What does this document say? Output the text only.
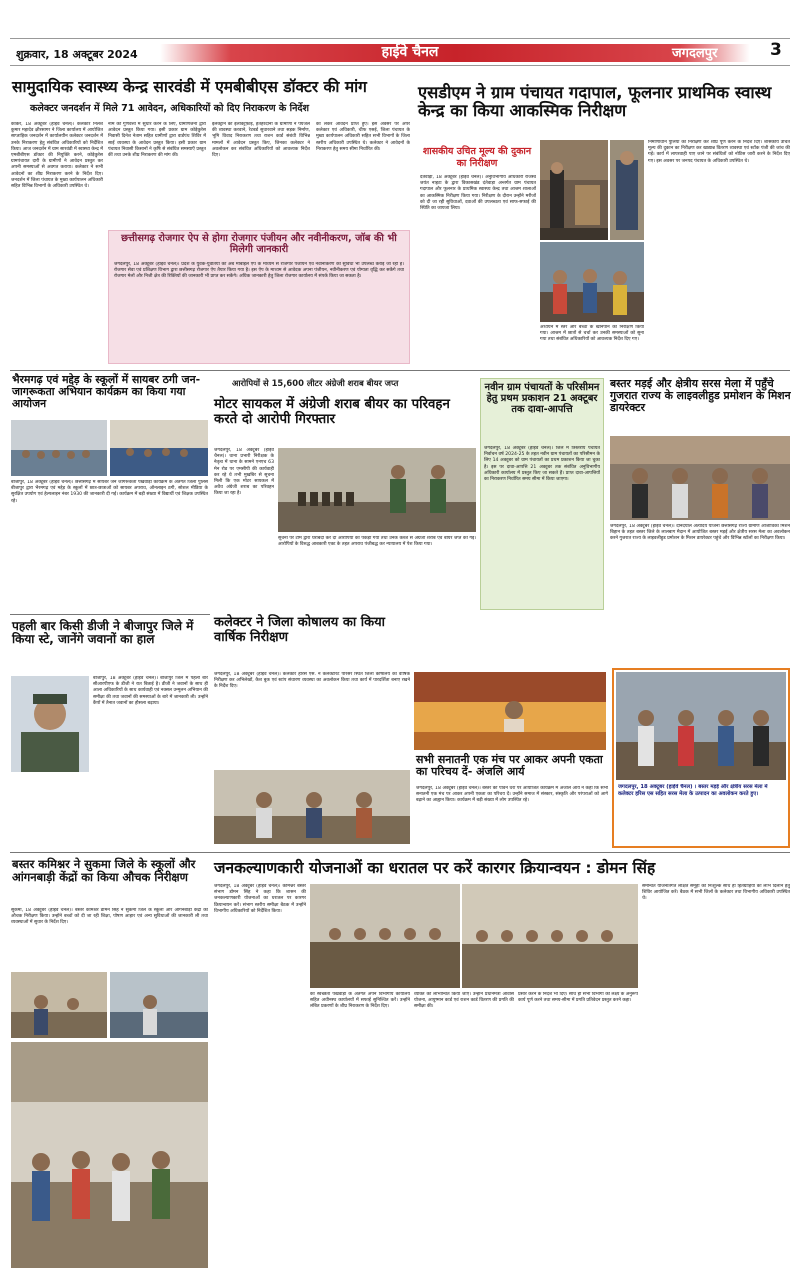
शुक्रवार, 18 अक्टूबर 2024	हाईवे चैनल	जगदलपुर	3
सामुदायिक स्वास्थ्य केन्द्र सारवंडी में एमबीबीएस डॉक्टर की मांग
कलेक्टर जनदर्शन में मिले 71 आवेदन, अधिकारियों को दिए निराकरण के निर्देश
कांकेर, 18 अक्टूबर (हाईवे चैनल)। कलेक्टर निलेश कुमार महादेव क्षीरसागर ने जिला कार्यालय में आयोजित साप्ताहिक जनदर्शन में कार्यालयीन कलेक्टर जनदर्शन में उनके निराकरण हेतु संबंधित अधिकारियों को निर्देशित किया। आज जनदर्शन में ग्राम सारवंडी में स्वास्थ्य केन्द्र में एमबीबीएस डॉक्टर की नियुक्ति करने, कोड़ेकुरेस ग्रामपंचायत दारी के ग्रामीणों ने आवेदन प्रस्तुत कर अपनी समस्याओं से अवगत कराया। कलेक्टर ने सभी आवेदनों का शीघ्र निराकरण करने के निर्देश दिए। जनदर्शन में जिला पंचायत के मुख्य कार्यपालन अधिकारी सहित विभिन्न विभागों के अधिकारी उपस्थित थे।
नाम को गुणवत्ता में सुधार करने के लिए, ग्रामीणजनों द्वारा आवेदन प्रस्तुत किया गया। इसी प्रकार ग्राम कोड़ेकुरेस निवासी दिनेश नेताम सहित ग्रामीणों द्वारा वार्डपंथ शिविर में साईं व्यवस्था के आवेदन प्रस्तुत किया। इसी प्रकार ग्राम पंचायत निवासी किसानों ने कृषि से संबंधित समस्याएँ प्रस्तुत कीं तथा उनके शीघ्र निराकरण की मांग की।
ईलेक्ट्रॉन को इलेक्ट्रिफ़ाई, हतहरदानी के ग्रामीणों ने पेयजल की व्यवस्था करवाने, रेटबर्ड सुधारवाने तथा सड़क निर्माण, भूमि विवाद निराकरण तथा राशन कार्ड संबंधी विभिन्न मामलों में आवेदन प्रस्तुत किए, जिनका कलेक्टर ने अवलोकन कर संबंधित अधिकारियों को आवश्यक निर्देश दिए।
को लेकर आवेदन प्राप्त हुए। इस अवसर पर अपर कलेक्टर एवं अधिकारी, चीफ एसई, जिला पंचायत के मुख्य कार्यपालन अधिकारी सहित सभी विभागों के जिला स्तरीय अधिकारी उपस्थित थे। कलेक्टर ने आवेदनों के निराकरण हेतु समय सीमा निर्धारित की।
छत्तीसगढ़ रोजगार ऐप से होगा रोजगार पंजीयन और नवीनीकरण, जॉब की भी मिलेगी जानकारी
जगदलपुर, 18 अक्टूबर (हाईवे चैनल)। प्रदेश के युवक-युवतियों को अब मोबाईल ऐप के माध्यम से रोजगार पंजीयन एवं नवीनीकरण की सुविधा भी उपलब्ध कराई जा रही है। रोजगार सेवा एवं प्रशिक्षण विभाग द्वारा छत्तीसगढ़ रोजगार ऐप तैयार किया गया है। इस ऐप के माध्यम से आवेदक अपना पंजीयन, नवीनीकरण एवं योग्यता वृद्धि कर सकेंगे तथा रोजगार मेलों और निजी क्षेत्र की रिक्तियों की जानकारी भी प्राप्त कर सकेंगे। अधिक जानकारी हेतु जिला रोजगार कार्यालय में संपर्क किया जा सकता है।
एसडीएम ने ग्राम पंचायत गदापाल, फूलनार प्राथमिक स्वास्थ केन्द्र का किया आकस्मिक निरीक्षण
शासकीय उचित मूल्य की दुकान का निरीक्षण
दंतेवाड़ा, 18 अक्टूबर (हाईवे चैनल)। अनुविभागीय अधिकारी राजस्व जयंत नाहटा के द्वारा विकासखंड दंतेवाड़ा अन्तर्गत ग्राम पंचायत गदापाल और फूलनार के प्राथमिक स्वास्थ्य केन्द्र तथा आश्रम शालाओं का आकस्मिक निरीक्षण किया गया। निरीक्षण के दौरान उन्होंने मरीजों को दी जा रही सुविधाओं, दवाओं की उपलब्धता एवं साफ-सफाई की स्थिति का जायजा लिया।
अध्ययन में स्तर और बच्चों के खानपान का निरीक्षण किया गया। आश्रम में छात्रों से चर्चा कर उनकी समस्याओं को सुना गया तथा संबंधित अधिकारियों को आवश्यक निर्देश दिए गए।
निर्माणाधीन पुलिया का निरीक्षण कर शीघ्र पूर्ण करने के निर्देश दिए। शासकीय उचित मूल्य की दुकान का निरीक्षण कर खाद्यान्न वितरण व्यवस्था एवं स्टॉक पंजी की जांच की गई। कार्य में लापरवाही पाए जाने पर संबंधितों को नोटिस जारी करने के निर्देश दिए गए। इस अवसर पर जनपद पंचायत के अधिकारी उपस्थित थे।
भैरमगढ़ एवं मद्देड़ के स्कूलों में सायबर ठगी जन-जागरूकता अभियान कार्यक्रम का किया गया आयोजन
बीजापुर, 18 अक्टूबर (हाईवे चैनल)। छत्तीसगढ़ में सायबर जन जागरूकता पखवाड़ा कार्यक्रम के अंतर्गत जिला पुलिस बीजापुर द्वारा भैरमगढ़ एवं मद्देड़ के स्कूलों में छात्र-छात्राओं को सायबर अपराध, ऑनलाइन ठगी, सोशल मीडिया के सुरक्षित उपयोग एवं हेल्पलाइन नंबर 1930 की जानकारी दी गई। कार्यक्रम में बड़ी संख्या में विद्यार्थी एवं शिक्षक उपस्थित रहे।
आरोपियों से 15,600 लीटर अंग्रेजी शराब बीयर जप्त
मोटर सायकल में अंग्रेजी शराब बीयर का परिवहन करते दो आरोपी गिरफ्तार
जगदलपुर, 18 अक्टूबर (हाईवे चैनल)। थाना प्रभारी निरीक्षक के नेतृत्व में थाना के सामने एनएच 63 मेन रोड पर एमसीपी की कार्यवाही कर रहे थे तभी मुखबिर से सूचना मिली कि एक मोटर सायकल में अवैध अंग्रेजी शराब का परिवहन किया जा रहा है।
सूचना पर टीम द्वारा घेराबंदी कर दो आरोपियों को पकड़ा गया तथा उनके कब्जे से अंग्रेजी शराब एवं बीयर जप्त की गई। आरोपियों के विरुद्ध आबकारी एक्ट के तहत अपराध पंजीबद्ध कर न्यायालय में पेश किया गया।
नवीन ग्राम पंचायतों के परिसीमन हेतु प्रथम प्रकाशन 21 अक्टूबर तक दावा-आपत्ति
जगदलपुर, 18 अक्टूबर (हाईवे चैनल)। जिले में त्रिस्तरीय पंचायत निर्वाचन वर्ष 2024-25 के तहत नवीन ग्राम पंचायतों का परिसीमन के लिए 14 अक्टूबर को ग्राम पंचायतों का प्रथम प्रकाशन किया जा चुका है। इस पर दावा-आपत्ति 21 अक्टूबर तक संबंधित अनुविभागीय अधिकारी कार्यालय में प्रस्तुत किए जा सकते हैं। प्राप्त दावा-आपत्तियों का निराकरण निर्धारित समय सीमा में किया जाएगा।
बस्तर मड़ई और क्षेत्रीय सरस मेला में पहुँचे गुजरात राज्य के लाइवलीहुड प्रमोशन के मिशन डायरेक्टर
जगदलपुर, 18 अक्टूबर (हाईवे चैनल)। दीनदयाल अंत्योदय योजना छत्तीसगढ़ राज्य ग्रामीण आजीविका मिशन बिहान के तहत बस्तर जिले के लालबाग मैदान में आयोजित बस्तर मड़ई और क्षेत्रीय सरस मेला का अवलोकन करने गुजरात राज्य के लाइवलीहुड प्रमोशन के मिशन डायरेक्टर पहुंचे और विभिन्न स्टॉलों का निरीक्षण किया।
पहली बार किसी डीजी ने बीजापुर जिले में किया स्टे, जानेंगे जवानों का हाल
बीजापुर, 18 अक्टूबर (हाईवे चैनल)। बीजापुर जिले में पहली बार सीआरपीएफ के डीजी ने रात बिताई है। डीजी ने जवानों के साथ ही आला अधिकारियों के साथ कार्यवाही एवं नक्सल उन्मूलन अभियान की समीक्षा की तथा जवानों की समस्याओं के बारे में जानकारी ली। उन्होंने कैंपों में तैनात जवानों का हौसला बढ़ाया।
कलेक्टर ने जिला कोषालय का किया वार्षिक निरीक्षण
जगदलपुर, 18 अक्टूबर (हाईवे चैनल)। कलेक्टर हरिस एस. ने कलेक्टोरेट परिसर स्थित जिला कोषालय का वार्षिक निरीक्षण कर अभिलेखों, कैश बुक एवं स्टांप संधारण व्यवस्था का अवलोकन किया तथा कार्य में पारदर्शिता बनाए रखने के निर्देश दिए।
सभी सनातनी एक मंच पर आकर अपनी एकता का परिचय दें- अंजलि आर्य
जगदलपुर, 18 अक्टूबर (हाईवे चैनल)। बस्तर की पावन धरा पर आयोजित कार्यक्रम में अंजलि आर्य ने कहा कि सभी सनातनी एक मंच पर आकर अपनी एकता का परिचय दें। उन्होंने समाज में संस्कार, संस्कृति और परंपराओं को आगे बढ़ाने का आह्वान किया। कार्यक्रम में बड़ी संख्या में लोग उपस्थित रहे।
जगदलपुर, 18 अक्टूबर (हाईवे चैनल) । बस्तर मड़ई और क्षेत्रीय सरस मेला में कलेक्टर हरिस एस सहित सरस मेला के उत्पादन का अवलोकन करते हुए।
बस्तर कमिश्नर ने सुकमा जिले के स्कूलों और आंगनबाड़ी केंद्रों का किया औचक निरीक्षण
सुकमा, 18 अक्टूबर (हाईवे चैनल)। बस्तर कमिश्नर डोमन सिंह ने सुकमा जिले के स्कूलों और आंगनबाड़ी केंद्रों का औचक निरीक्षण किया। उन्होंने बच्चों को दी जा रही शिक्षा, पोषण आहार एवं अन्य सुविधाओं की जानकारी ली तथा व्यवस्थाओं में सुधार के निर्देश दिए।
जनकल्याणकारी योजनाओं का धरातल पर करें कारगर क्रियान्वयन : डोमन सिंह
जगदलपुर, 18 अक्टूबर (हाईवे चैनल)। कमिश्नर बस्तर संभाग डोमन सिंह ने कहा कि शासन की जनकल्याणकारी योजनाओं का धरातल पर कारगर क्रियान्वयन करें। संभाग स्तरीय समीक्षा बैठक में उन्होंने विभागीय अधिकारियों को निर्देशित किया।
की स्वच्छता पखवाड़ा के अंतर्गत अपने विभागीय कार्यालय सहित अधीनस्थ कार्यालयों में सफाई सुनिश्चित करें। उन्होंने लंबित प्रकरणों के शीघ्र निराकरण के निर्देश दिए।
व्यक्ति को लाभान्वित किया जाए। उन्होंने प्रधानमंत्री आवास योजना, आयुष्मान कार्ड एवं राशन कार्ड वितरण की प्रगति की समीक्षा की।
प्रसार करने के निर्देश भी दिए। साथ ही सभी विभागों को लक्ष्य के अनुरूप कार्य पूर्ण करने तथा समय-सीमा में प्रगति प्रतिवेदन प्रस्तुत करने कहा।
समन्वित योजनांतर्गत लक्षित समूहों को निःशुल्क साथ ही हितग्राहियों को लाभ दिलाने हेतु शिविर आयोजित करें। बैठक में सभी जिलों के कलेक्टर तथा विभागीय अधिकारी उपस्थित थे।
